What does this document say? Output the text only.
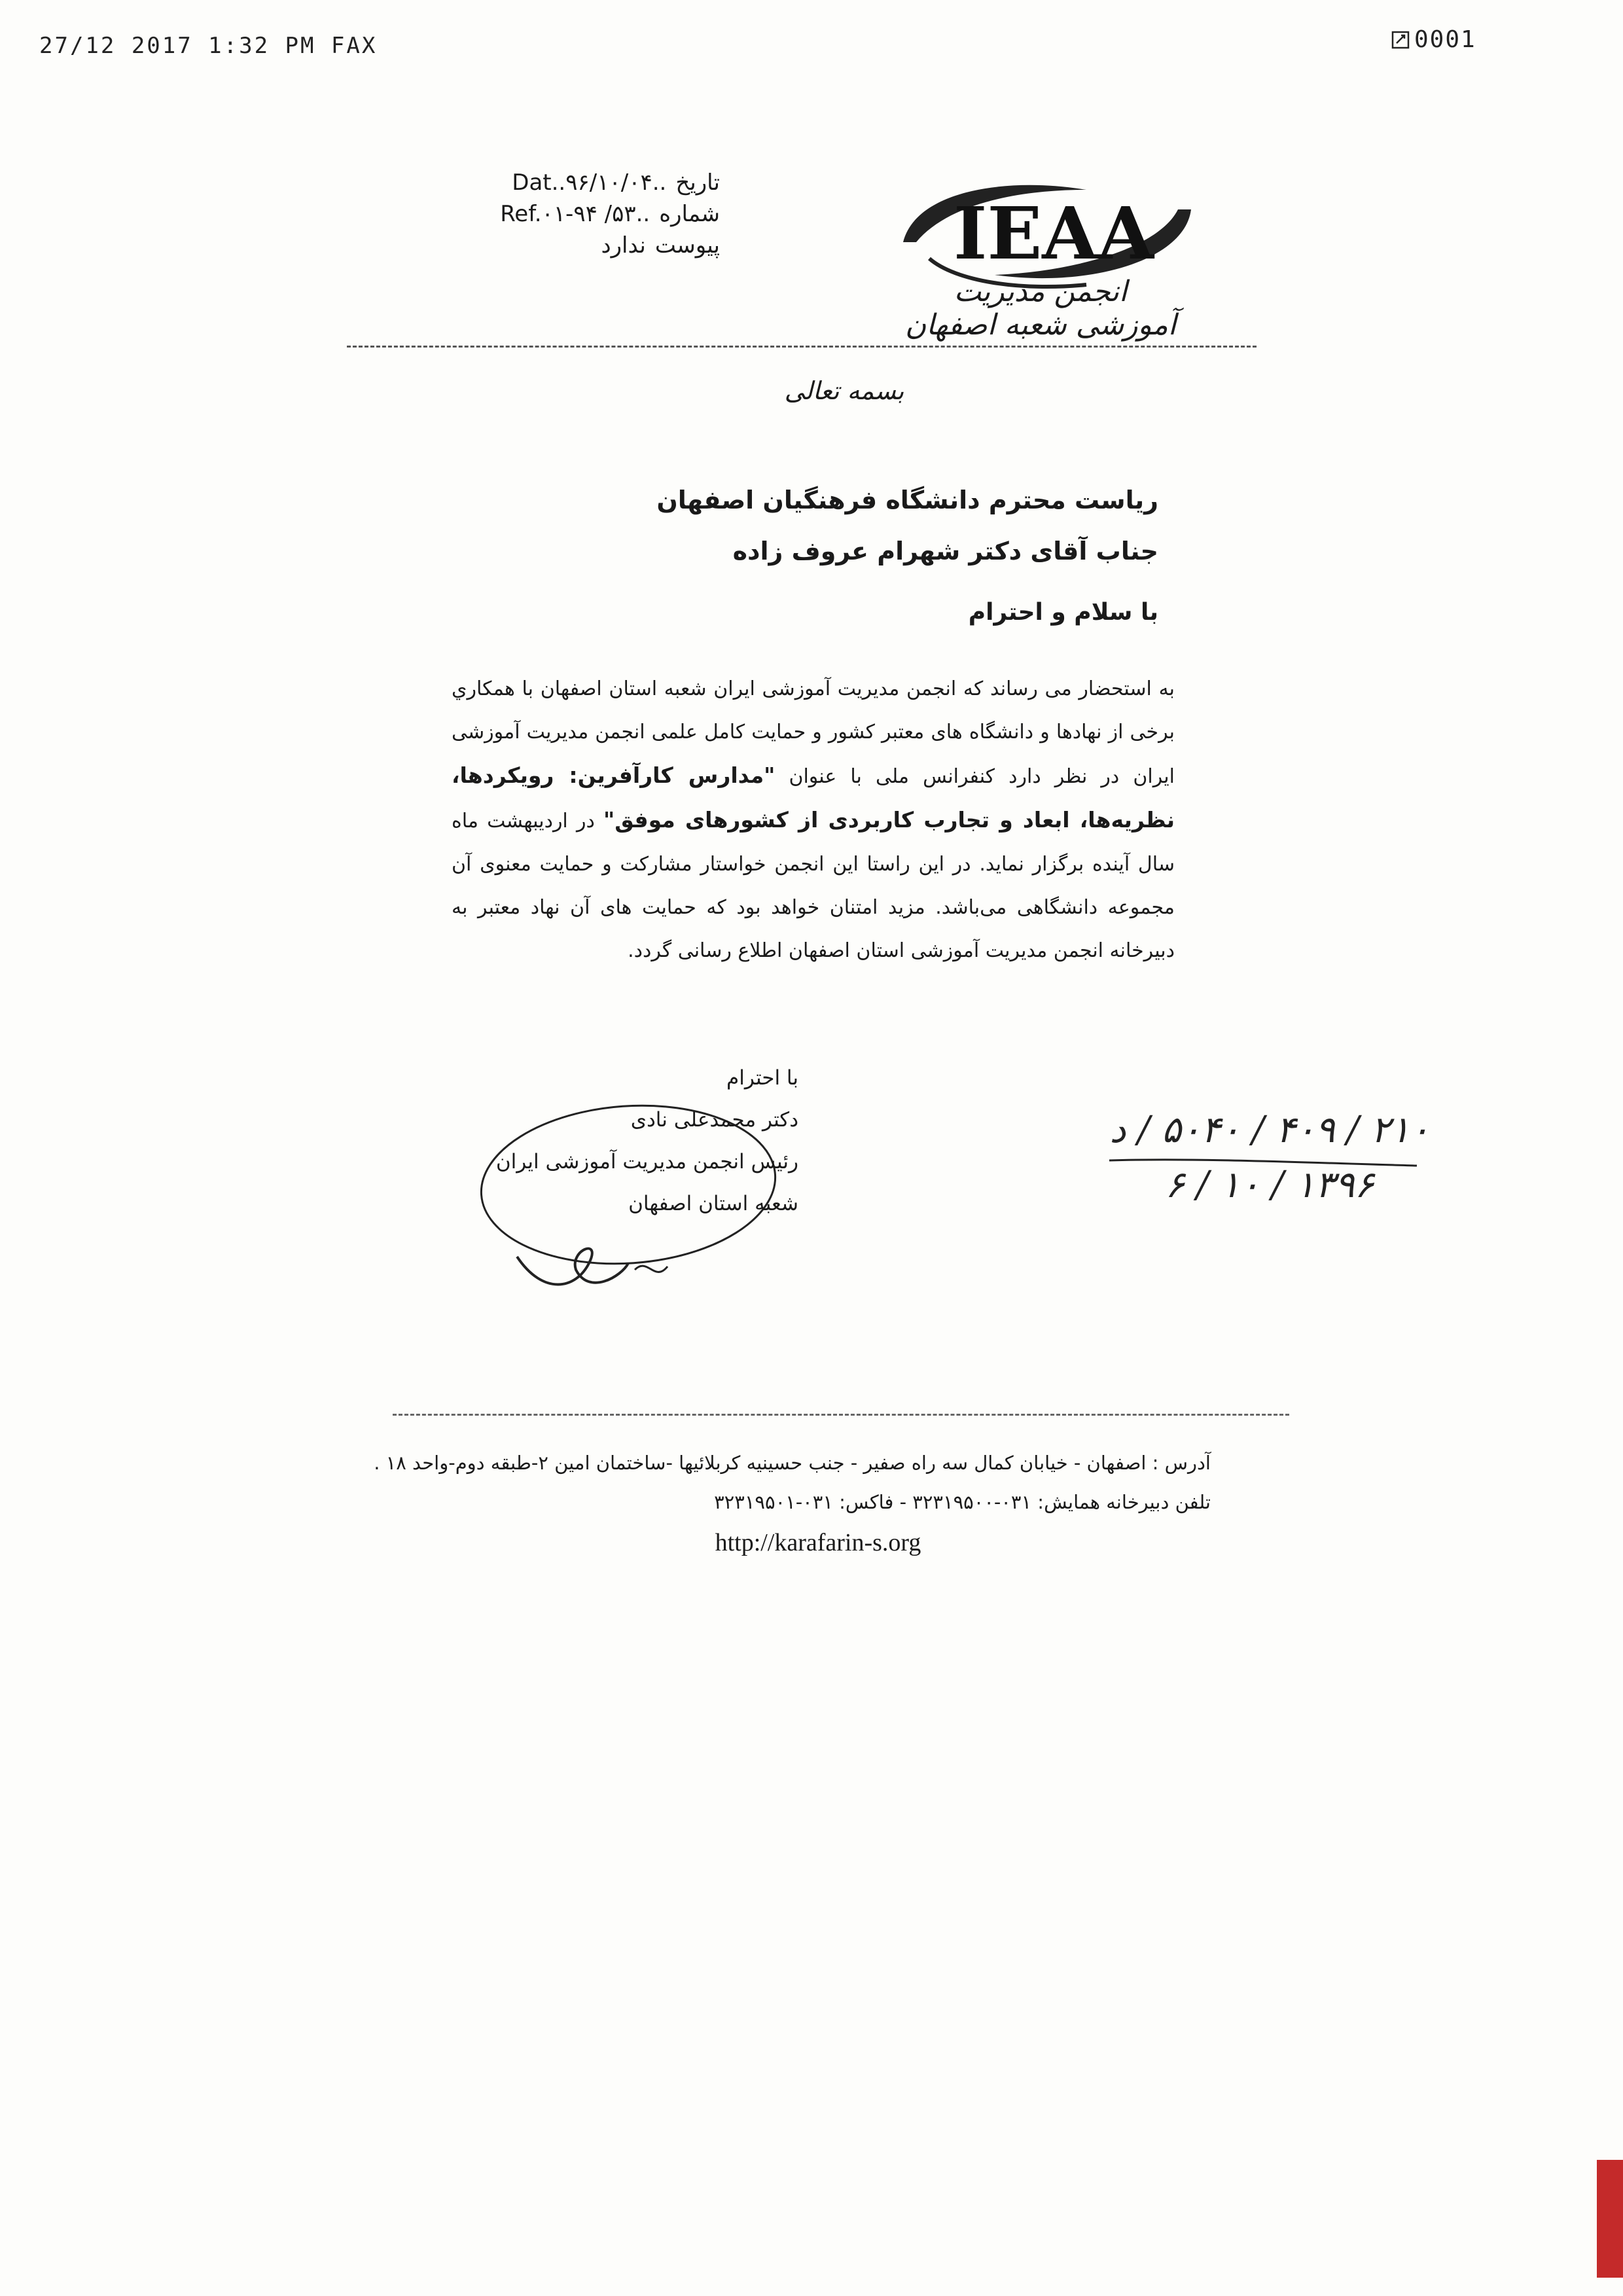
27/12 2017 1:32 PM FAX	0001
Dat..۹۶/۱۰/۰۴.. تاریخ
Ref.۰۱-۹۴ /۵۳.. شماره
ندارد پیوست	IEAA
انجمن مدیریت آموزشی شعبه اصفهان
بسمه تعالی
ریاست محترم دانشگاه فرهنگیان اصفهان
جناب آقای دکتر شهرام عروف زاده
با سلام و احترام

به استحضار می رساند که انجمن مدیریت آموزشی ایران شعبه استان اصفهان با همکاري برخی از نهادها و دانشگاه های معتبر کشور و حمایت کامل علمی انجمن مدیریت آموزشی ایران در نظر دارد کنفرانس ملی با عنوان "مدارس کارآفرین: رویکردها، نظریه‌ها، ابعاد و تجارب کاربردی از کشورهای موفق" در اردیبهشت ماه سال آینده برگزار نماید. در این راستا این انجمن خواستار مشارکت و حمایت معنوی آن مجموعه دانشگاهی می‌باشد. مزید امتنان خواهد بود که حمایت های آن نهاد معتبر به دبیرخانه انجمن مدیریت آموزشی استان اصفهان اطلاع رسانی گردد.

با احترام
دکتر محمدعلی نادی
رئیس انجمن مدیریت آموزشی ایران
شعبه استان اصفهان
۲۱۰ / ۴۰۹ / ۵۰۴۰ / د
۱۳۹۶ / ۱۰ / ۶
آدرس : اصفهان - خیابان کمال سه راه صفیر - جنب حسینیه کربلائیها -ساختمان امین ۲-طبقه دوم-واحد ۱۸ .
تلفن دبیرخانه همایش: ۰۳۱-۳۲۳۱۹۵۰۰ - فاکس: ۰۳۱-۳۲۳۱۹۵۰۱
http://karafarin-s.org
